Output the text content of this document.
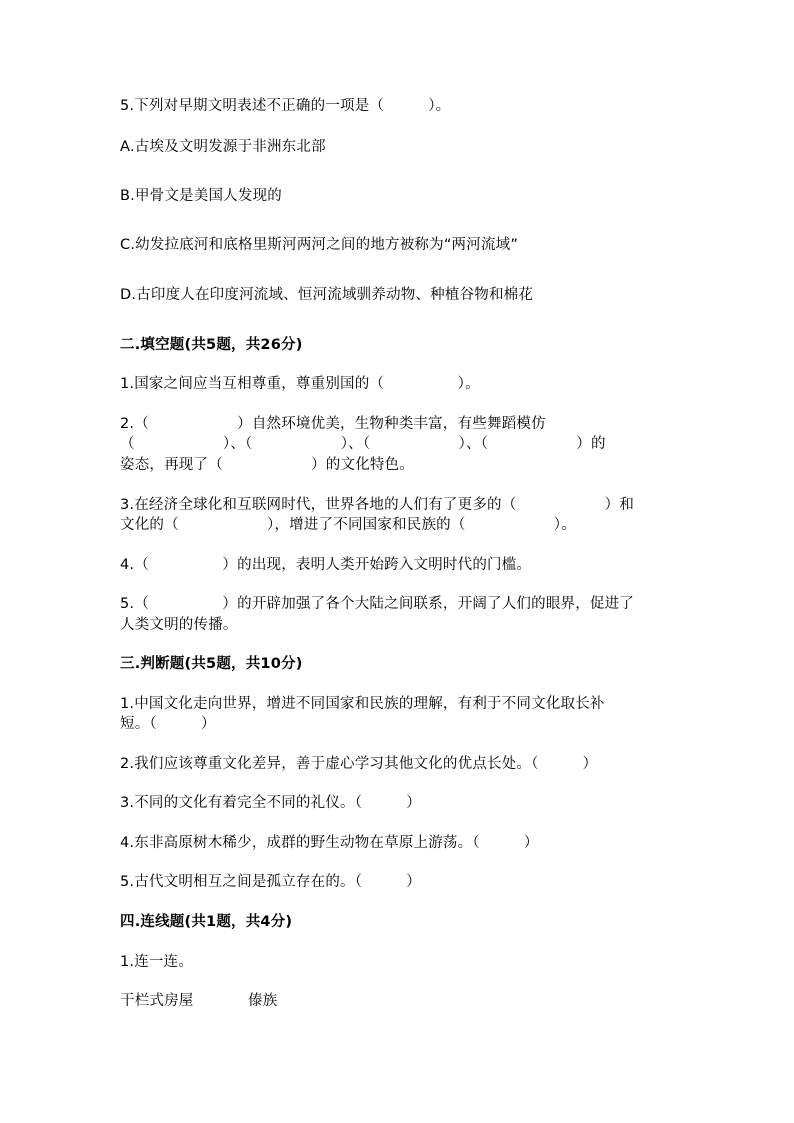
5.下列对早期文明表述不正确的一项是（　　　）。
A.古埃及文明发源于非洲东北部
B.甲骨文是美国人发现的
C.幼发拉底河和底格里斯河两河之间的地方被称为“两河流域”
D.古印度人在印度河流域、恒河流域驯养动物、种植谷物和棉花
二.填空题(共5题，共26分)
1.国家之间应当互相尊重，尊重别国的（　　　　　）。
2.（　　　　　　）自然环境优美，生物种类丰富，有些舞蹈模仿
（　　　　　　）、（　　　　　　）、（　　　　　　）、（　　　　　　）的
姿态，再现了（　　　　　　）的文化特色。
3.在经济全球化和互联网时代，世界各地的人们有了更多的（　　　　　　）和
文化的（　　　　　　），增进了不同国家和民族的（　　　　　　）。
4.（　　　　　）的出现，表明人类开始跨入文明时代的门槛。
5.（　　　　　）的开辟加强了各个大陆之间联系，开阔了人们的眼界，促进了
人类文明的传播。
三.判断题(共5题，共10分)
1.中国文化走向世界，增进不同国家和民族的理解，有利于不同文化取长补
短。（　　　）
2.我们应该尊重文化差异，善于虚心学习其他文化的优点长处。（　　　）
3.不同的文化有着完全不同的礼仪。（　　　）
4.东非高原树木稀少，成群的野生动物在草原上游荡。（　　　）
5.古代文明相互之间是孤立存在的。（　　　）
四.连线题(共1题，共4分)
1.连一连。
干栏式房屋	傣族
